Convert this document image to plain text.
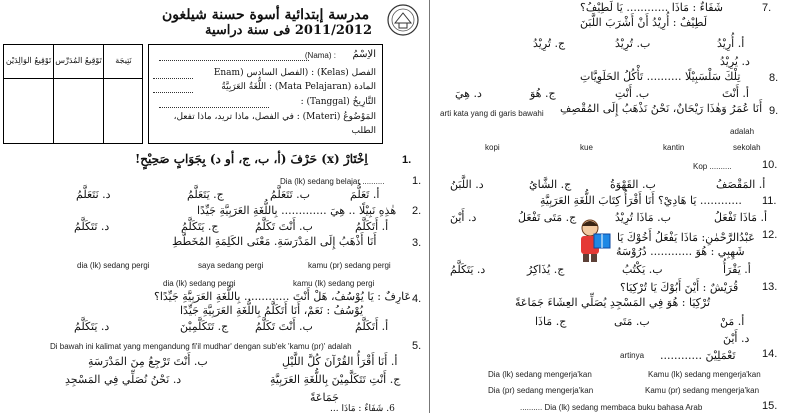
مدرسة إبتدائية أسوة حسنة شيلغون
2011/2012 فى سنة دراسية
تَوْقِيعُ الوَالِدَيْن تَوْقِيعُ المُدَرِّس	نَتِيجَة
الاِسْمُ
(Nama) :
الفصل (Kelas) : (الفصل السادس (Enam
المادة (Mata Pelajaran) : اللُّغَةُ العَرَبِيَّةُ
التَّارِيخُ (Tanggal) :
المَوْضُوعُ (Materi) : في الفصل، ماذا تريد، ماذا تفعل،
الطلب
اِخْتَارْ (x) حَرْفَ (أ، ب، ج، أو د) بِجَوَابٍ صَحِيْحٍ!	1.
1.
Dia (lk) sedang belajar ..........
أ. تَعَلُّمَ
ب. تَتَعَلَّمُ
ج. يَتَعَلَّمُ
د. نَتَعَلَّمُ
2.
هٰذِهِ نَبِيْلًا .. هِيَ ............. بِاللُّغَةِ العَرَبِيَّةِ جَيِّدًا
أ. أَتَكَلَّمُ
ب. أَنْتَ تَكَلَّمُ
ج. يَتَكَلَّمُ
د. تَتَكَلَّمُ
3.
أَنَا أَذْهَبُ إِلَى المَدْرَسَةِ. مَعْنَى الكَلِمَةِ المُخَطَّطِ
kamu (pr) sedang pergi
saya sedang pergi
dia (lk) sedang pergi
kamu (lk) sedang pergi
dia (lk) sedang pergi
4.
عَارِفٌ : يَا يُوْسُفُ، هَلْ أَنْتَ ............. بِاللُّغَةِ العَرَبِيَّةِ جَيِّدًا؟
يُوْسُفُ : نَعَمْ، أَنَا أَتَكَلَّمُ بِاللُّغَةِ العَرَبِيَّةِ جَيِّدًا
أ. أَتَكَلَّمُ
ب. أَنْتَ تَكَلَّمُ
ج. تَتَكَلَّمِيْنَ
د. يَتَكَلَّمُ
5.
Di bawah ini kalimat yang mengandung fi'il mudhar' dengan sub'ek 'kamu (pr)' adalah
أ. أَنَا أَقْرَأُ القُرْآنَ كُلَّ اللَّيْلِ
ب. أَنْتَ تَرْجِعُ مِنَ المَدْرَسَةِ
ج. أَنْتِ تَتَكَلَّمِيْنَ بِاللُّغَةِ العَرَبِيَّةِ
د. نَحْنُ نُصَلِّي فِي المَسْجِدِ
جَمَاعَةً
6. شَفَاءٌ : مَاذَا ...
شَفَاءٌ : مَاذَا ............ يَا لَطِيْفُ؟	7.
لَطِيْفٌ : أُرِيْدُ أَنْ أَشْرَبَ اللَّبَنَ
أ. أُرِيْدُ
ب. تُرِيْدُ
ج. تُرِيْدُ
د. يُرِيْدُ
تِلْكَ سَلْسَبِيْلًا .......... تَأْكُلُ الحَلَوِيَّاتِ	8.
أ. أَنْتَ
ب. أَنْتِ
ج. هُوَ
د. هِيَ
أَنَا عُمَرُ وَهٰذَا رَيْحَانٌ، نَحْنُ نَذْهَبُ إِلَى المُقْصِفِ 9.
arti kata yang di garis bawahi
adalah
sekolah
kantin
kue
kopi
Kop ..........	10.
أ. المَقْصَفُ
ب. القَهْوَةُ
ج. الشَّايُ
د. اللَّبَنُ
............ يَا هَادِيْ؟ أَنَا أَقْرَأُ كِتَابَ اللُّغَةِ العَرَبِيَّةِ 11.
أ. مَاذَا تَفْعَلُ
ب. مَاذَا تُرِيْدُ
ج. مَتَى تَفْعَلُ
د. أَيْنَ
عَبْدُالرَّحْمٰنِ: مَاذَا يَفْعَلُ أَخُوْكَ يَا 12.
شَهِبِي : هُوَ ............ دُرُوْسَهُ
أ. يَقْرَأُ
ب. يَكْتُبُ
ج. يُذَاكِرُ
د. يَتَكَلَّمُ
قُرَيْشٌ : أَيْنَ أَبُوْكَ يَا تُرْكِيَا؟ 13.
تُرْكِيَا : هُوَ فِي المَسْجِدِ يُصَلِّي العِشَاءَ جَمَاعَةً
أ. مَنْ
ب. مَتَى
ج. مَاذَا
د. أَيْنَ
تَعْمَلِيْنَ ............
artinya	14.
Kamu (lk) sedang mengerja'kan
Dia (lk) sedang mengerja'kan
Kamu (pr) sedang mengerja'kan
Dia (pr) sedang mengerja'kan
.......... Dia (lk) sedang membaca buku bahasa Arab	15.
